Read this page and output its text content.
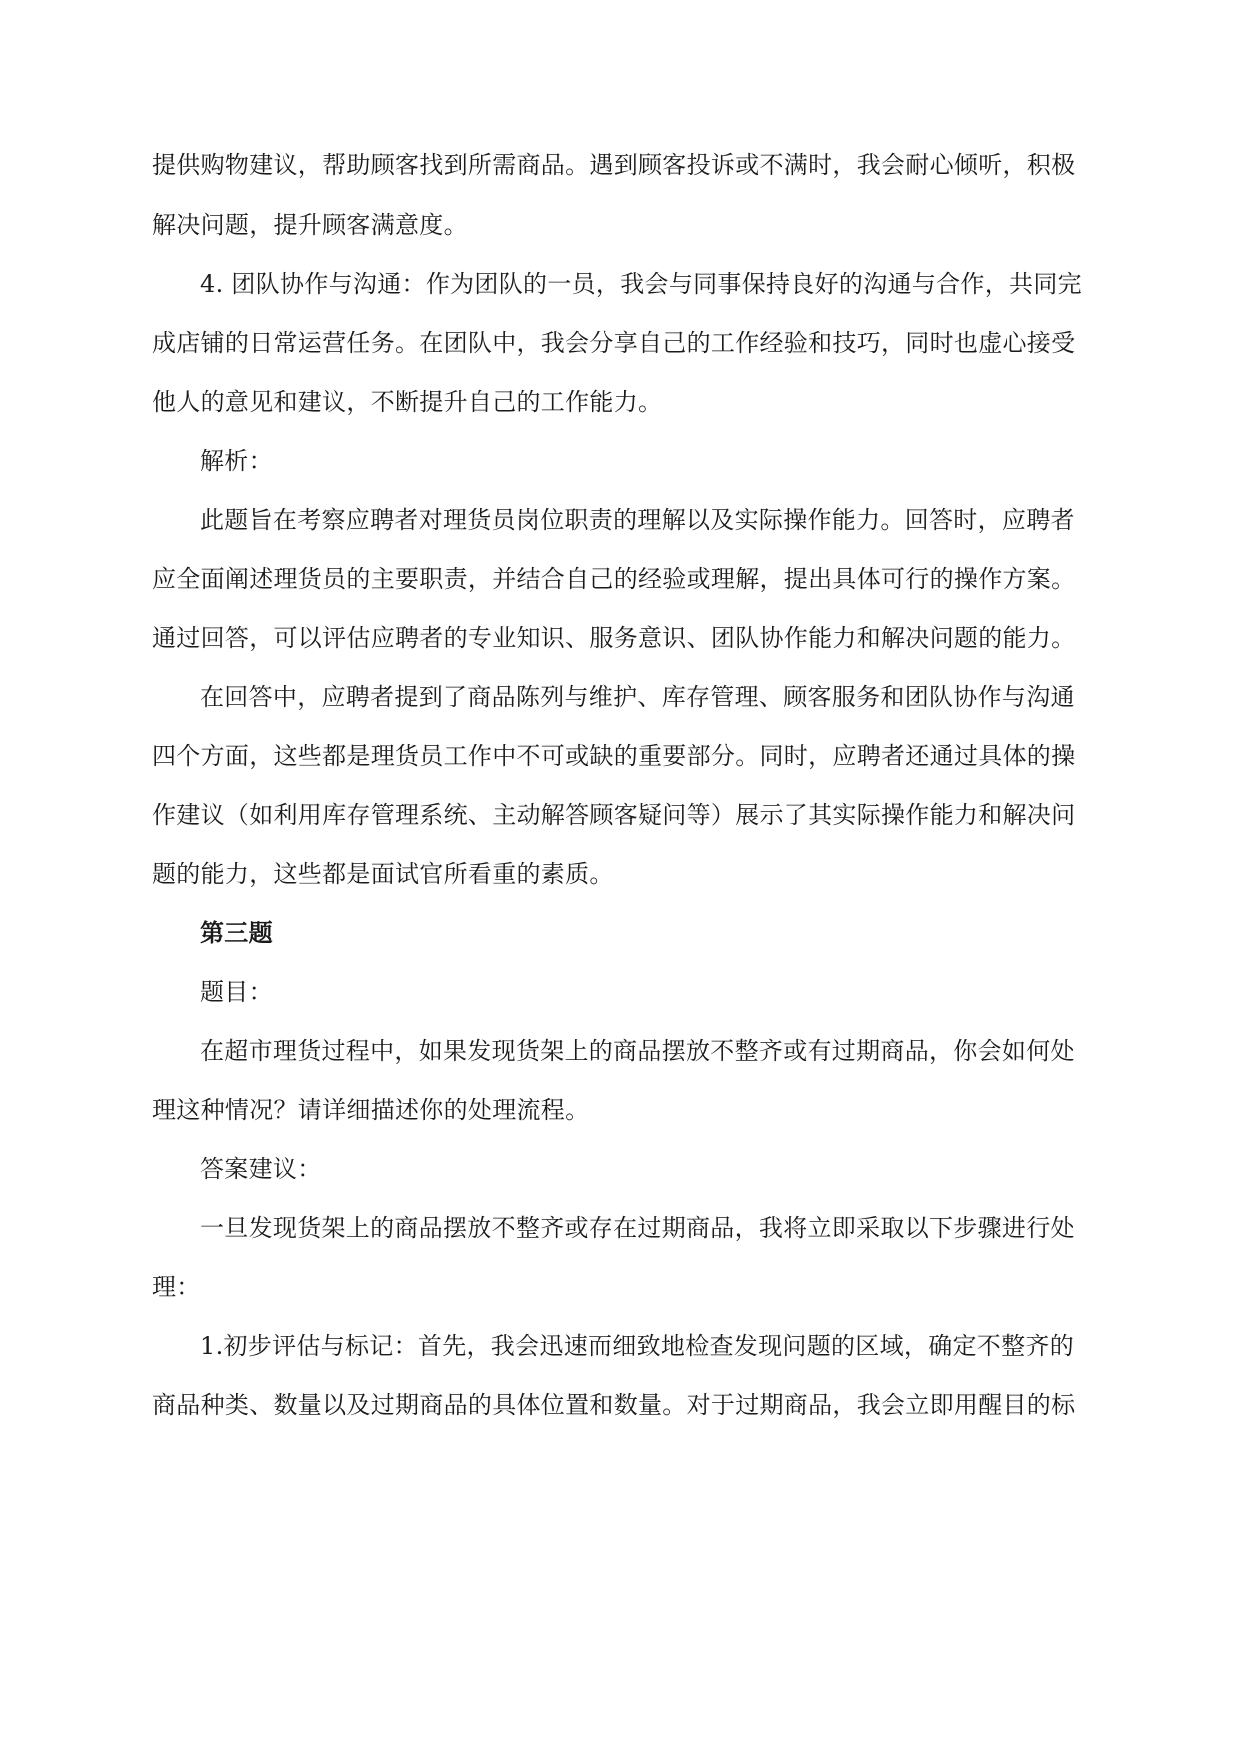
提供购物建议，帮助顾客找到所需商品。遇到顾客投诉或不满时，我会耐心倾听，积极
解决问题，提升顾客满意度。
4. 团队协作与沟通：作为团队的一员，我会与同事保持良好的沟通与合作，共同完
成店铺的日常运营任务。在团队中，我会分享自己的工作经验和技巧，同时也虚心接受
他人的意见和建议，不断提升自己的工作能力。
解析：
此题旨在考察应聘者对理货员岗位职责的理解以及实际操作能力。回答时，应聘者
应全面阐述理货员的主要职责，并结合自己的经验或理解，提出具体可行的操作方案。
通过回答，可以评估应聘者的专业知识、服务意识、团队协作能力和解决问题的能力。
在回答中，应聘者提到了商品陈列与维护、库存管理、顾客服务和团队协作与沟通
四个方面，这些都是理货员工作中不可或缺的重要部分。同时，应聘者还通过具体的操
作建议（如利用库存管理系统、主动解答顾客疑问等）展示了其实际操作能力和解决问
题的能力，这些都是面试官所看重的素质。
第三题
题目：
在超市理货过程中，如果发现货架上的商品摆放不整齐或有过期商品，你会如何处
理这种情况？请详细描述你的处理流程。
答案建议：
一旦发现货架上的商品摆放不整齐或存在过期商品，我将立即采取以下步骤进行处
理：
1.初步评估与标记：首先，我会迅速而细致地检查发现问题的区域，确定不整齐的
商品种类、数量以及过期商品的具体位置和数量。对于过期商品，我会立即用醒目的标
